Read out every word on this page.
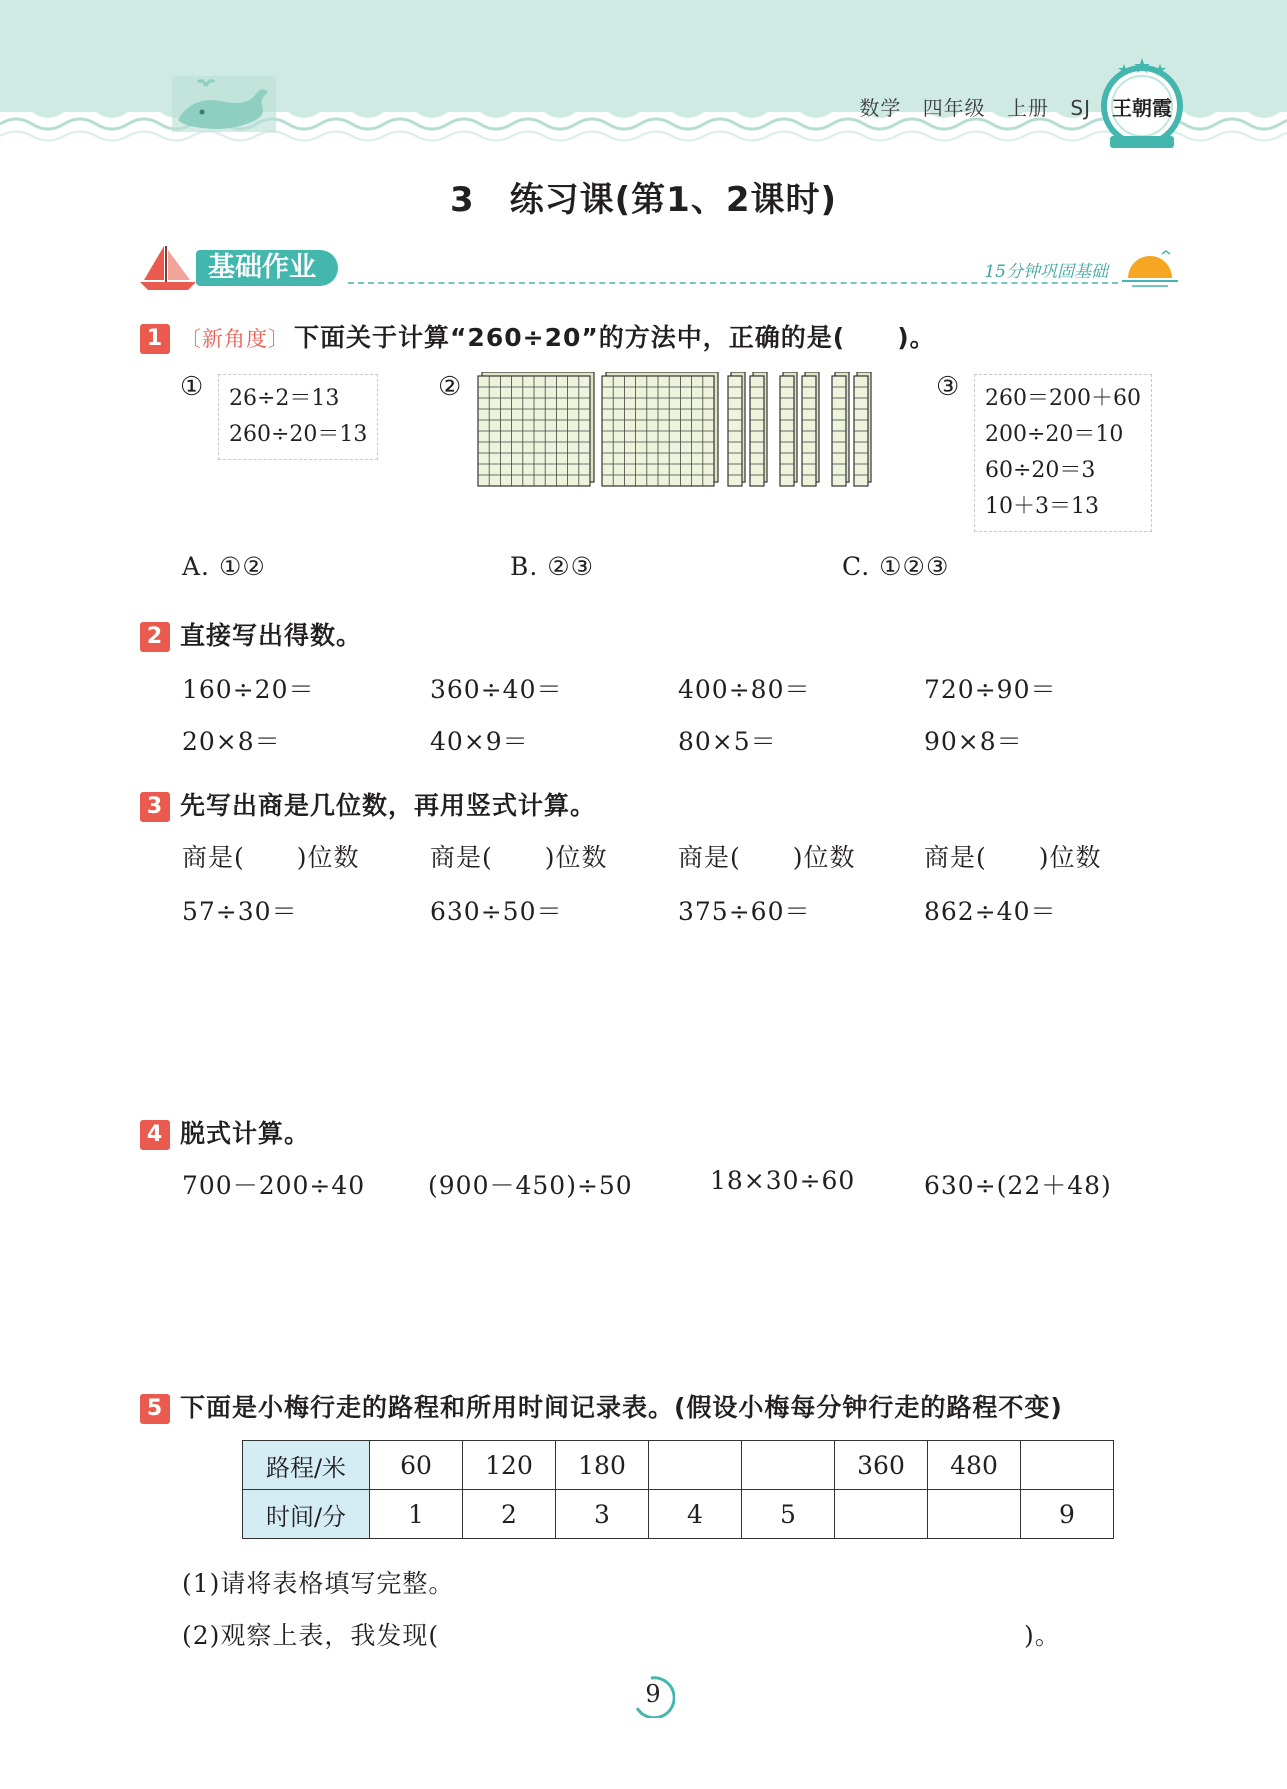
数学 四年级 上册 SJ 王朝霞
3　练习课(第1、2课时)
基础作业	15分钟巩固基础
1 〔新角度〕 下面关于计算“260÷20”的方法中，正确的是(　　)。
① 26÷2＝13
260÷20＝13
②	③ 260＝200＋60
200÷20＝10
60÷20＝3
10＋3＝13
A. ①②	B. ②③	C. ①②③
2 直接写出得数。
160÷20＝	360÷40＝	400÷80＝	720÷90＝
20×8＝	40×9＝	80×5＝	90×8＝
3 先写出商是几位数，再用竖式计算。
商是(　　)位数	商是(　　)位数	商是(　　)位数	商是(　　)位数
57÷30＝	630÷50＝	375÷60＝	862÷40＝
4 脱式计算。
700－200÷40	(900－450)÷50	18×30÷60	630÷(22＋48)
5 下面是小梅行走的路程和所用时间记录表。(假设小梅每分钟行走的路程不变)
路程/米	60	120	180			360	480	
时间/分	1	2	3	4	5			9
(1)请将表格填写完整。
(2)观察上表，我发现(	)。
9
